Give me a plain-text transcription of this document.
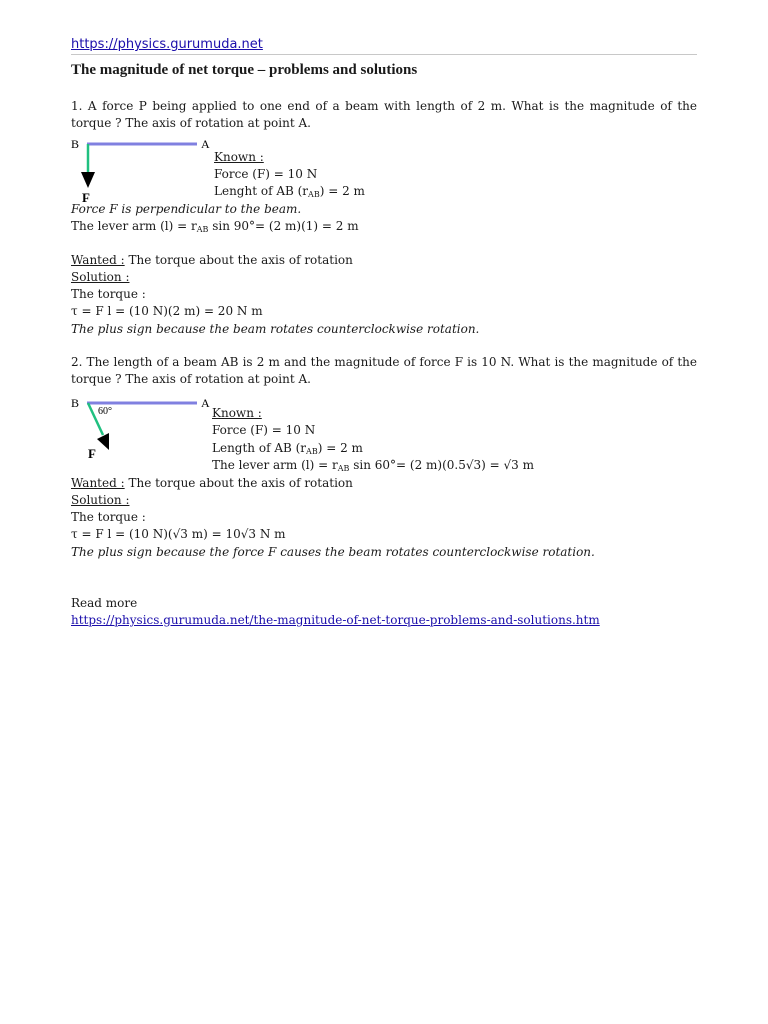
https://physics.gurumuda.net
The magnitude of net torque – problems and solutions
1. A force P being applied to one end of a beam with length of 2 m. What is the magnitude of the torque ? The axis of rotation at point A.
B	A
F
Known :
Force (F) = 10 N
Lenght of AB $(r_{AB}) = 2$ m
Force F is perpendicular to the beam.
The lever arm $(l) = r_{AB}$ sin 90°= (2 m)(1) = 2 m
Wanted : The torque about the axis of rotation
Solution :
The torque :
τ = F l = (10 N)(2 m) = 20 N m
The plus sign because the beam rotates counterclockwise rotation.
2. The length of a beam AB is 2 m and the magnitude of force F is 10 N. What is the magnitude of the torque ? The axis of rotation at point A.
B	A
60°
F
Known :
Force (F) = 10 N
Length of AB $(r_{AB}) = 2$ m
The lever arm $(l) = r_{AB}$ sin 60°= (2 m)(0.5√3) = √3 m
Wanted : The torque about the axis of rotation
Solution :
The torque :
τ = F l = (10 N)(√3 m) = 10√3 N m
The plus sign because the force F causes the beam rotates counterclockwise rotation.
Read more
https://physics.gurumuda.net/the-magnitude-of-net-torque-problems-and-solutions.htm
